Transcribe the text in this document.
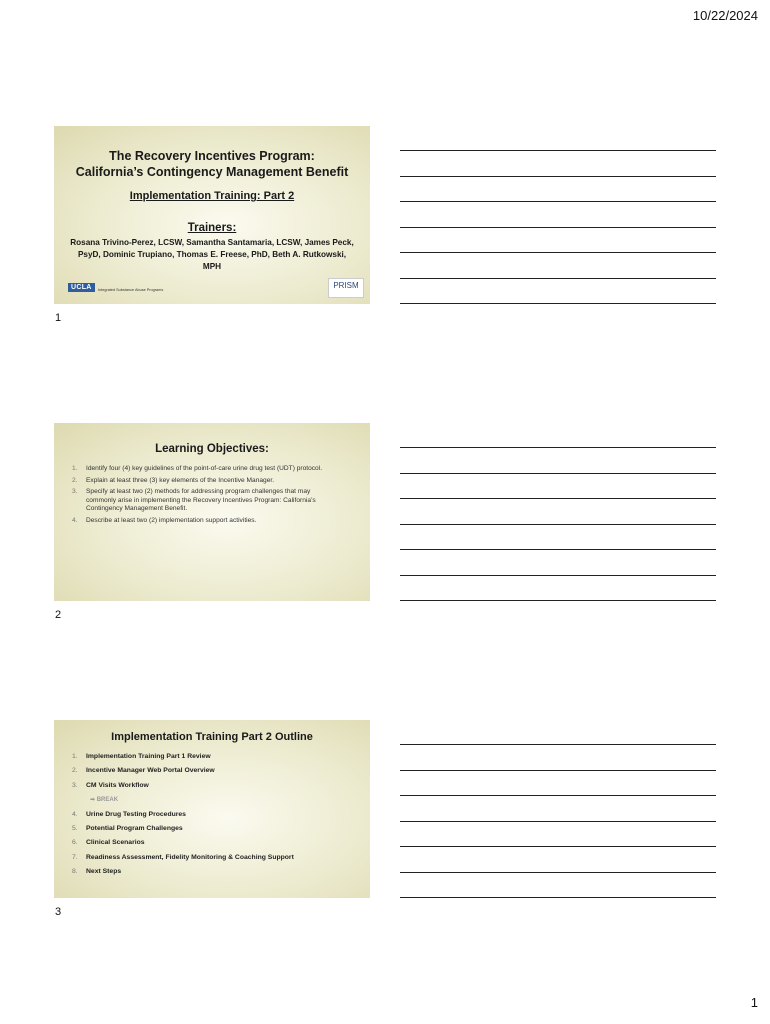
10/22/2024
The Recovery Incentives Program:
California’s Contingency Management Benefit
Implementation Training: Part 2
Trainers:
Rosana Trivino-Perez, LCSW, Samantha Santamaria, LCSW, James Peck, PsyD, Dominic Trupiano, Thomas E. Freese, PhD, Beth A. Rutkowski, MPH
UCLA	Integrated Substance Abuse Programs	PRISM
1
Learning Objectives:
1. Identify four (4) key guidelines of the point-of-care urine drug test (UDT) protocol.
2. Explain at least three (3) key elements of the Incentive Manager.
3. Specify at least two (2) methods for addressing program challenges that may commonly arise in implementing the Recovery Incentives Program: California’s Contingency Management Benefit.
4. Describe at least two (2) implementation support activities.
2
Implementation Training Part 2 Outline
1. Implementation Training Part 1 Review
2. Incentive Manager Web Portal Overview
3. CM Visits Workflow
➡ BREAK
4. Urine Drug Testing Procedures
5. Potential Program Challenges
6. Clinical Scenarios
7. Readiness Assessment, Fidelity Monitoring & Coaching Support
8. Next Steps
3
1
